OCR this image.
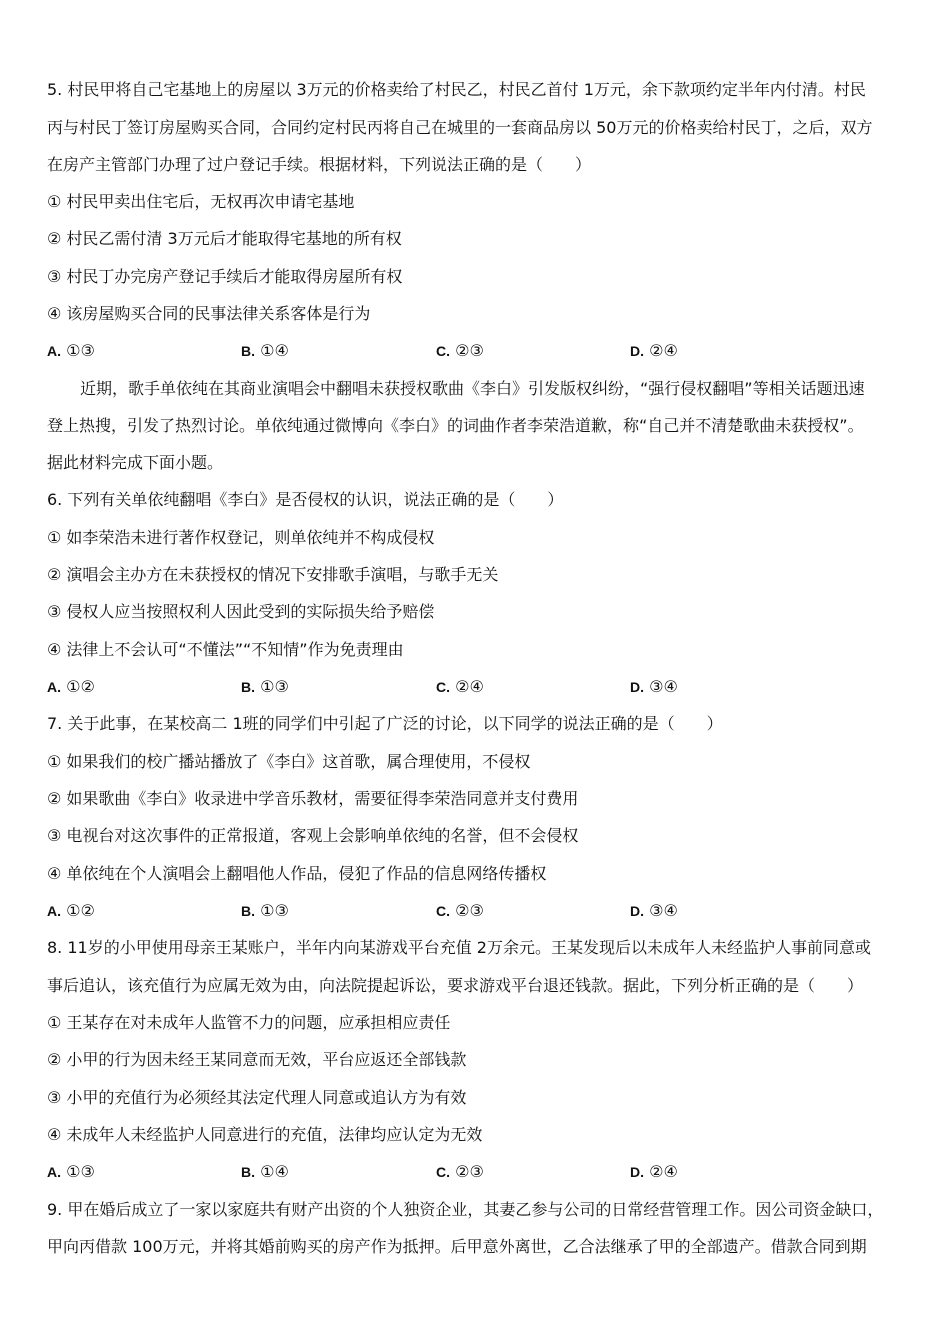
5. 村民甲将自己宅基地上的房屋以 3万元的价格卖给了村民乙，村民乙首付 1万元，余下款项约定半年内付清。村民
丙与村民丁签订房屋购买合同，合同约定村民丙将自己在城里的一套商品房以 50万元的价格卖给村民丁，之后，双方
在房产主管部门办理了过户登记手续。根据材料，下列说法正确的是（　　）
① 村民甲卖出住宅后，无权再次申请宅基地
② 村民乙需付清 3万元后才能取得宅基地的所有权
③ 村民丁办完房产登记手续后才能取得房屋所有权
④ 该房屋购买合同的民事法律关系客体是行为
A. ①③	B. ①④	C. ②③	D. ②④
近期，歌手单依纯在其商业演唱会中翻唱未获授权歌曲《李白》引发版权纠纷，“强行侵权翻唱”等相关话题迅速
登上热搜，引发了热烈讨论。单依纯通过微博向《李白》的词曲作者李荣浩道歉，称“自己并不清楚歌曲未获授权”。
据此材料完成下面小题。
6. 下列有关单依纯翻唱《李白》是否侵权的认识，说法正确的是（　　）
① 如李荣浩未进行著作权登记，则单依纯并不构成侵权
② 演唱会主办方在未获授权的情况下安排歌手演唱，与歌手无关
③ 侵权人应当按照权利人因此受到的实际损失给予赔偿
④ 法律上不会认可“不懂法”“不知情”作为免责理由
A. ①②	B. ①③	C. ②④	D. ③④
7. 关于此事，在某校高二 1班的同学们中引起了广泛的讨论，以下同学的说法正确的是（　　）
① 如果我们的校广播站播放了《李白》这首歌，属合理使用，不侵权
② 如果歌曲《李白》收录进中学音乐教材，需要征得李荣浩同意并支付费用
③ 电视台对这次事件的正常报道，客观上会影响单依纯的名誉，但不会侵权
④ 单依纯在个人演唱会上翻唱他人作品，侵犯了作品的信息网络传播权
A. ①②	B. ①③	C. ②③	D. ③④
8. 11岁的小甲使用母亲王某账户，半年内向某游戏平台充值 2万余元。王某发现后以未成年人未经监护人事前同意或
事后追认，该充值行为应属无效为由，向法院提起诉讼，要求游戏平台退还钱款。据此，下列分析正确的是（　　）
① 王某存在对未成年人监管不力的问题，应承担相应责任
② 小甲的行为因未经王某同意而无效，平台应返还全部钱款
③ 小甲的充值行为必须经其法定代理人同意或追认方为有效
④ 未成年人未经监护人同意进行的充值，法律均应认定为无效
A. ①③	B. ①④	C. ②③	D. ②④
9. 甲在婚后成立了一家以家庭共有财产出资的个人独资企业，其妻乙参与公司的日常经营管理工作。因公司资金缺口，
甲向丙借款 100万元，并将其婚前购买的房产作为抵押。后甲意外离世，乙合法继承了甲的全部遗产。借款合同到期
